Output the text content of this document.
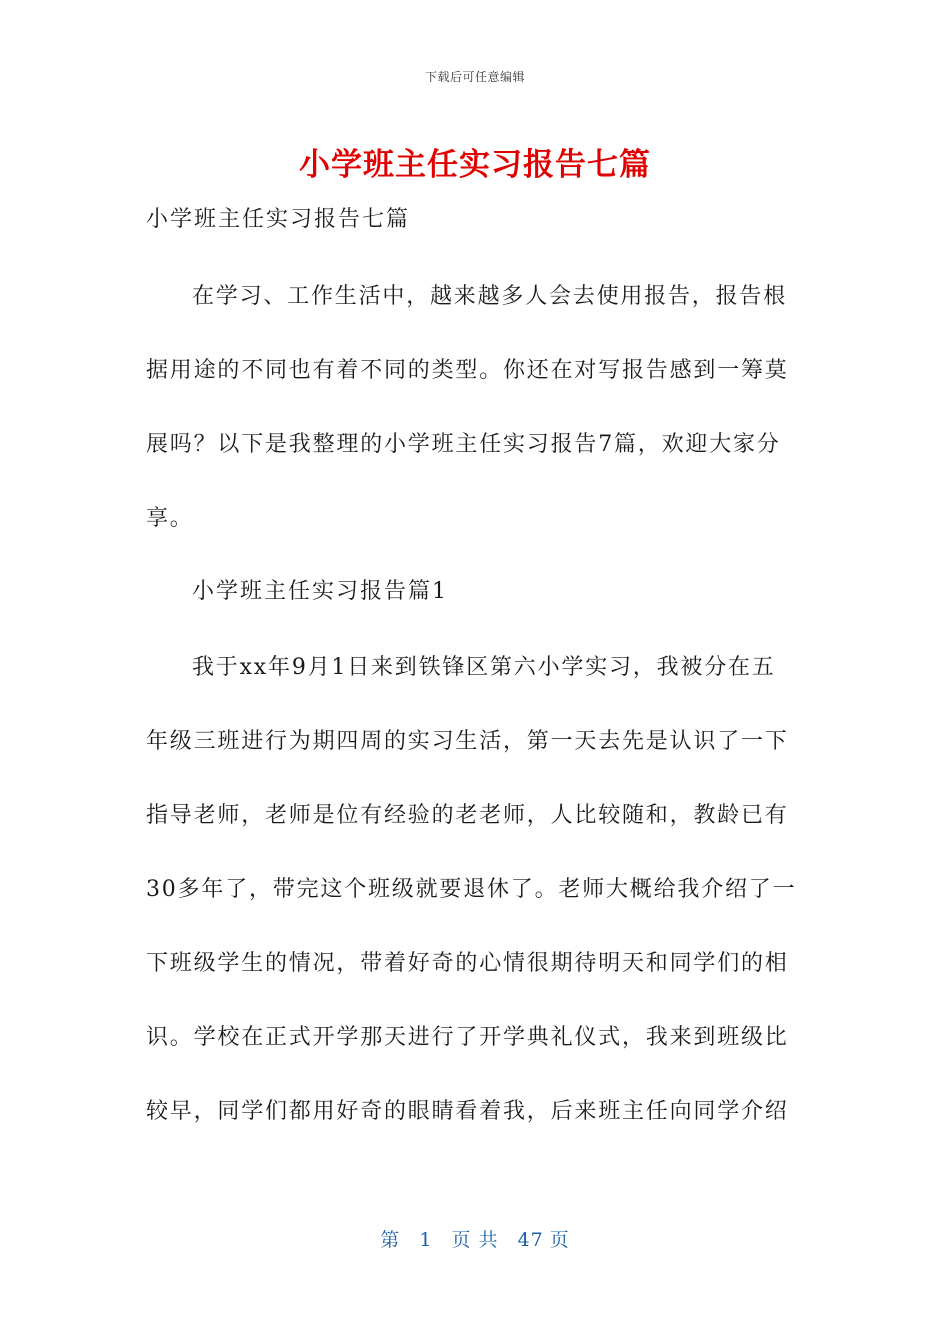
下载后可任意编辑
小学班主任实习报告七篇

小学班主任实习报告七篇

在学习、工作生活中，越来越多人会去使用报告，报告根
据用途的不同也有着不同的类型。你还在对写报告感到一筹莫
展吗？以下是我整理的小学班主任实习报告7篇，欢迎大家分
享。

小学班主任实习报告篇1

我于xx年9月1日来到铁锋区第六小学实习，我被分在五
年级三班进行为期四周的实习生活，第一天去先是认识了一下
指导老师，老师是位有经验的老老师，人比较随和，教龄已有
30多年了，带完这个班级就要退休了。老师大概给我介绍了一
下班级学生的情况，带着好奇的心情很期待明天和同学们的相
识。学校在正式开学那天进行了开学典礼仪式，我来到班级比
较早，同学们都用好奇的眼睛看着我，后来班主任向同学介绍
第 1 页 共 47 页
